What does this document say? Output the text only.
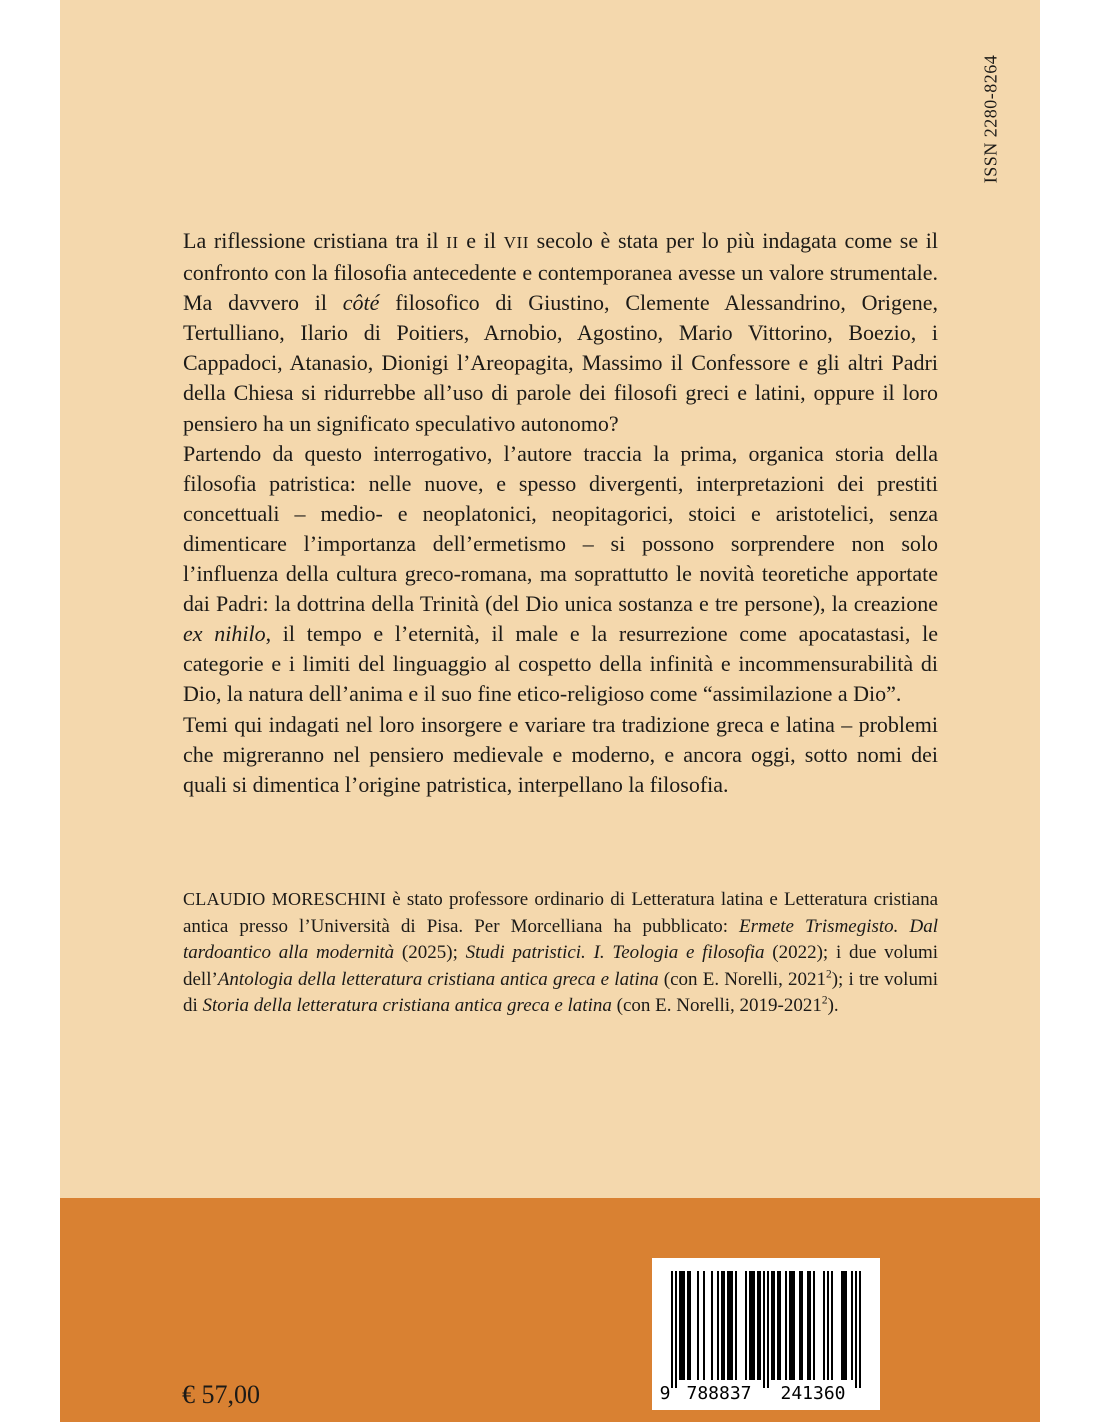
ISSN 2280-8264

La riflessione cristiana tra il II e il VII secolo è stata per lo più indagata come se il confronto con la filosofia antecedente e contemporanea avesse un valore strumentale. Ma davvero il côté filosofico di Giustino, Clemente Alessandrino, Origene, Tertulliano, Ilario di Poitiers, Arnobio, Agostino, Mario Vittorino, Boezio, i Cappadoci, Atanasio, Dionigi l’Areopagita, Massimo il Confessore e gli altri Padri della Chiesa si ridurrebbe all’uso di parole dei filosofi greci e latini, oppure il loro pensiero ha un significato speculativo autonomo?

Partendo da questo interrogativo, l’autore traccia la prima, organica storia della filosofia patristica: nelle nuove, e spesso divergenti, interpretazioni dei prestiti concettuali – medio- e neoplatonici, neopitagorici, stoici e aristotelici, senza dimenticare l’importanza dell’ermetismo – si possono sorprendere non solo l’influenza della cultura greco-romana, ma soprattutto le novità teoretiche apportate dai Padri: la dottrina della Trinità (del Dio unica sostanza e tre persone), la creazione ex nihilo, il tempo e l’eternità, il male e la resurrezione come apocatastasi, le categorie e i limiti del linguaggio al cospetto della infinità e incommensurabilità di Dio, la natura dell’anima e il suo fine etico-religioso come “assimilazione a Dio”.

Temi qui indagati nel loro insorgere e variare tra tradizione greca e latina – problemi che migreranno nel pensiero medievale e moderno, e ancora oggi, sotto nomi dei quali si dimentica l’origine patristica, interpellano la filosofia.

CLAUDIO MORESCHINI è stato professore ordinario di Letteratura latina e Letteratura cristiana antica presso l’Università di Pisa. Per Morcelliana ha pubblicato: Ermete Trismegisto. Dal tardoantico alla modernità (2025); Studi patristici. I. Teologia e filosofia (2022); i due volumi dell’Antologia della letteratura cristiana antica greca e latina (con E. Norelli, 2021$^2$); i tre volumi di Storia della letteratura cristiana antica greca e latina (con E. Norelli, 2019-2021$^2$).

€ 57,00	9 788837 241360
